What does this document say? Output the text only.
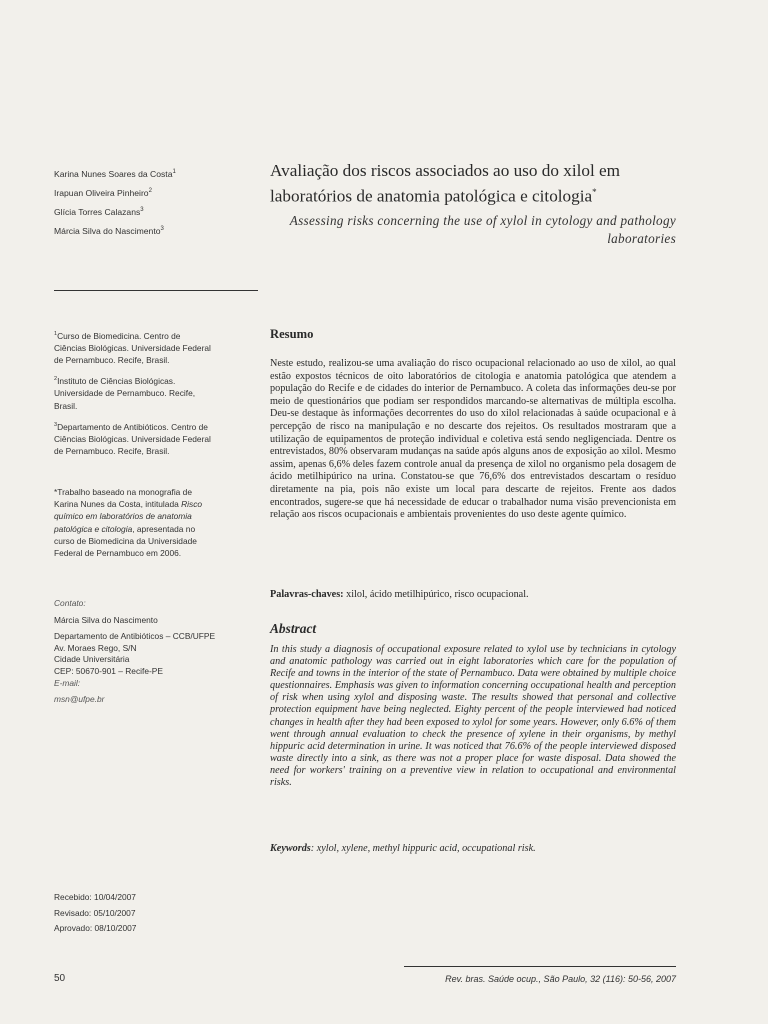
Karina Nunes Soares da Costa$^1$
Irapuan Oliveira Pinheiro$^2$
Glícia Torres Calazans$^3$
Márcia Silva do Nascimento$^3$

$^1$Curso de Biomedicina. Centro de Ciências Biológicas. Universidade Federal de Pernambuco. Recife, Brasil.

$^2$Instituto de Ciências Biológicas. Universidade de Pernambuco. Recife, Brasil.

$^3$Departamento de Antibióticos. Centro de Ciências Biológicas. Universidade Federal de Pernambuco. Recife, Brasil.

*Trabalho baseado na monografia de Karina Nunes da Costa, intitulada Risco químico em laboratórios de anatomia patológica e citologia, apresentada no curso de Biomedicina da Universidade Federal de Pernambuco em 2006.
Contato:
Márcia Silva do Nascimento
Departamento de Antibióticos – CCB/UFPE
Av. Moraes Rego, S/N
Cidade Universitária
CEP: 50670-901 – Recife-PE
E-mail:
msn@ufpe.br
Recebido: 10/04/2007
Revisado: 05/10/2007
Aprovado: 08/10/2007
Avaliação dos riscos associados ao uso do xilol em laboratórios de anatomia patológica e citologia*
Assessing risks concerning the use of xylol in cytology and pathology laboratories
Resumo
Neste estudo, realizou-se uma avaliação do risco ocupacional relacionado ao uso de xilol, ao qual estão expostos técnicos de oito laboratórios de citologia e anatomia patológica que atendem a população do Recife e de cidades do interior de Pernambuco. A coleta das informações deu-se por meio de questionários que podiam ser respondidos marcando-se alternativas de múltipla escolha. Deu-se destaque às informações decorrentes do uso do xilol relacionadas à saúde ocupacional e à percepção de risco na manipulação e no descarte dos rejeitos. Os resultados mostraram que a utilização de equipamentos de proteção individual e coletiva está sendo negligenciada. Dentre os entrevistados, 80% observaram mudanças na saúde após alguns anos de exposição ao xilol. Mesmo assim, apenas 6,6% deles fazem controle anual da presença de xilol no organismo pela dosagem de ácido metilhipúrico na urina. Constatou-se que 76,6% dos entrevistados descartam o resíduo diretamente na pia, pois não existe um local para descarte de rejeitos. Frente aos dados encontrados, sugere-se que há necessidade de educar o trabalhador numa visão prevencionista em relação aos riscos ocupacionais e ambientais provenientes do uso deste agente químico.
Palavras-chaves: xilol, ácido metilhipúrico, risco ocupacional.
Abstract
In this study a diagnosis of occupational exposure related to xylol use by technicians in cytology and anatomic pathology was carried out in eight laboratories which care for the population of Recife and towns in the interior of the state of Pernambuco. Data were obtained by multiple choice questionnaires. Emphasis was given to information concerning occupational health and perception of risk when using xylol and disposing waste. The results showed that personal and collective protection equipment have being neglected. Eighty percent of the people interviewed had noticed changes in health after they had been exposed to xylol for some years. However, only 6.6% of them went through annual evaluation to check the presence of xylene in their organisms, by methyl hippuric acid determination in urine. It was noticed that 76.6% of the people interviewed disposed waste directly into a sink, as there was not a proper place for waste disposal. Data showed the need for workers' training on a preventive view in relation to occupational and environmental risks.
Keywords: xylol, xylene, methyl hippuric acid, occupational risk.
50	Rev. bras. Saúde ocup., São Paulo, 32 (116): 50-56, 2007
